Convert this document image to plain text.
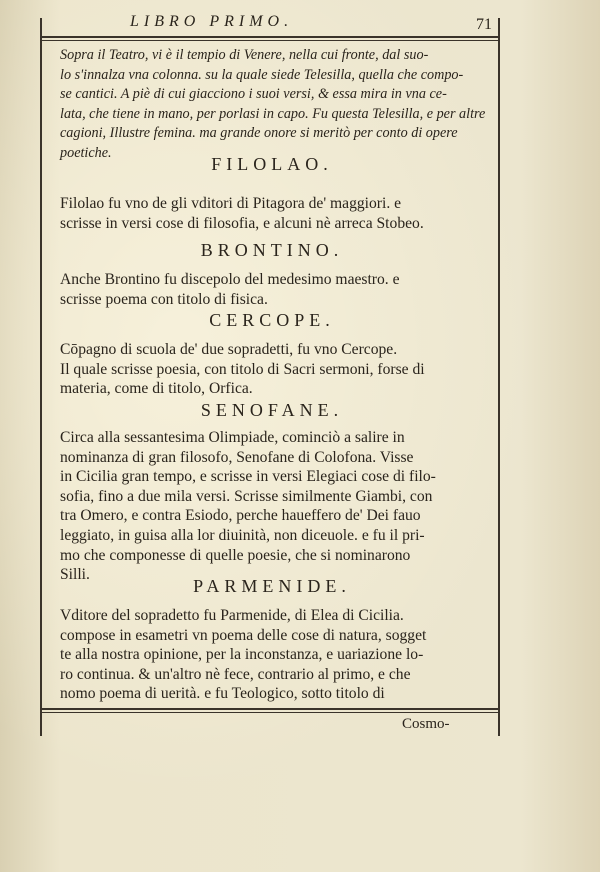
LIBRO PRIMO.	71

Sopra il Teatro, vi è il tempio di Venere, nella cui fronte, dal suo-

lo s'innalza vna colonna. su la quale siede Telesilla, quella che compo-

se cantici. A piè di cui giacciono i suoi versi, & essa mira in vna ce-

lata, che tiene in mano, per porlasi in capo. Fu questa Telesilla, e per altre

cagioni, Illustre femina. ma grande onore si meritò per conto di opere

poetiche.

FILOLAO.

Filolao fu vno de gli vditori di Pitagora de' maggiori. e

scrisse in versi cose di filosofia, e alcuni nè arreca Stobeo.

BRONTINO.

Anche Brontino fu discepolo del medesimo maestro. e

scrisse poema con titolo di fisica.

CERCOPE.

Cōpagno di scuola de' due sopradetti, fu vno Cercope.

Il quale scrisse poesia, con titolo di Sacri sermoni, forse di

materia, come di titolo, Orfica.

SENOFANE.

Circa alla sessantesima Olimpiade, cominciò a salire in

nominanza di gran filosofo, Senofane di Colofona. Visse

in Cicilia gran tempo, e scrisse in versi Elegiaci cose di filo-

sofia, fino a due mila versi. Scrisse similmente Giambi, con

tra Omero, e contra Esiodo, perche haueffero de' Dei fauo

leggiato, in guisa alla lor diuinità, non diceuole. e fu il pri-

mo che componesse di quelle poesie, che si nominarono

Silli.

PARMENIDE.

Vditore del sopradetto fu Parmenide, di Elea di Cicilia.

compose in esametri vn poema delle cose di natura, sogget

te alla nostra opinione, per la inconstanza, e uariazione lo-

ro continua. & un'altro nè fece, contrario al primo, e che

nomo poema di uerità. e fu Teologico, sotto titolo di

Cosmo-
